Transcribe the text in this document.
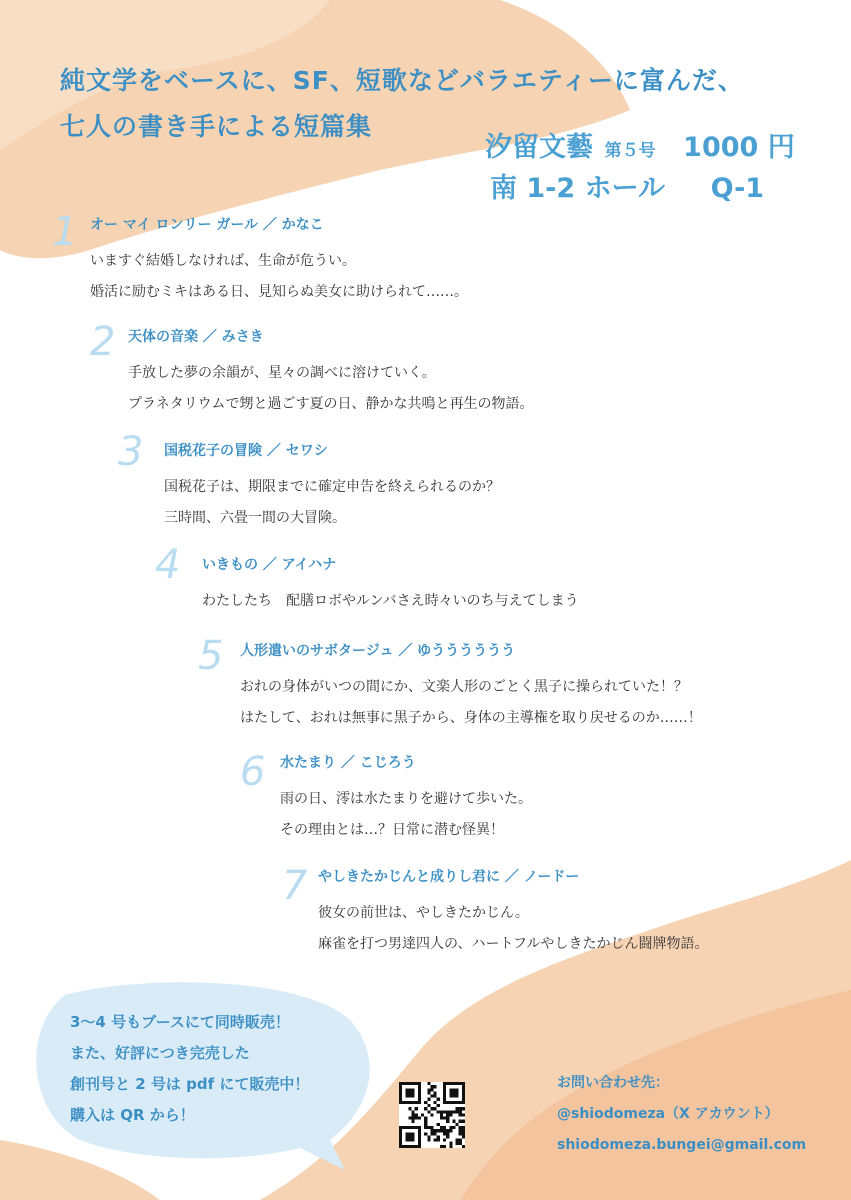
純文学をベースに、SF、短歌などバラエティーに富んだ、
七人の書き手による短篇集
汐留文藝 第５号 1000 円
南 1-2 ホール Q-1
1 オー マイ ロンリー ガール ／ かなこ
いますぐ結婚しなければ、生命が危うい。
婚活に励むミキはある日、見知らぬ美女に助けられて……。
2 天体の音楽 ／ みさき
手放した夢の余韻が、星々の調べに溶けていく。
プラネタリウムで甥と過ごす夏の日、静かな共鳴と再生の物語。
3 国税花子の冒険 ／ セワシ
国税花子は、期限までに確定申告を終えられるのか？
三時間、六畳一間の大冒険。
4 いきもの ／ アイハナ
わたしたち　配膳ロボやルンバさえ時々いのち与えてしまう
5 人形遣いのサボタージュ ／ ゆうううううう
おれの身体がいつの間にか、文楽人形のごとく黒子に操られていた！？
はたして、おれは無事に黒子から、身体の主導権を取り戻せるのか……！
6 水たまり ／ こじろう
雨の日、澪は水たまりを避けて歩いた。
その理由とは…？日常に潜む怪異！
7 やしきたかじんと成りし君に ／ ノードー
彼女の前世は、やしきたかじん。
麻雀を打つ男達四人の、ハートフルやしきたかじん闘牌物語。
3〜4 号もブースにて同時販売！
また、好評につき完売した
創刊号と 2 号は pdf にて販売中！
購入は QR から！
お問い合わせ先：
@shiodomeza（X アカウント）
shiodomeza.bungei@gmail.com
